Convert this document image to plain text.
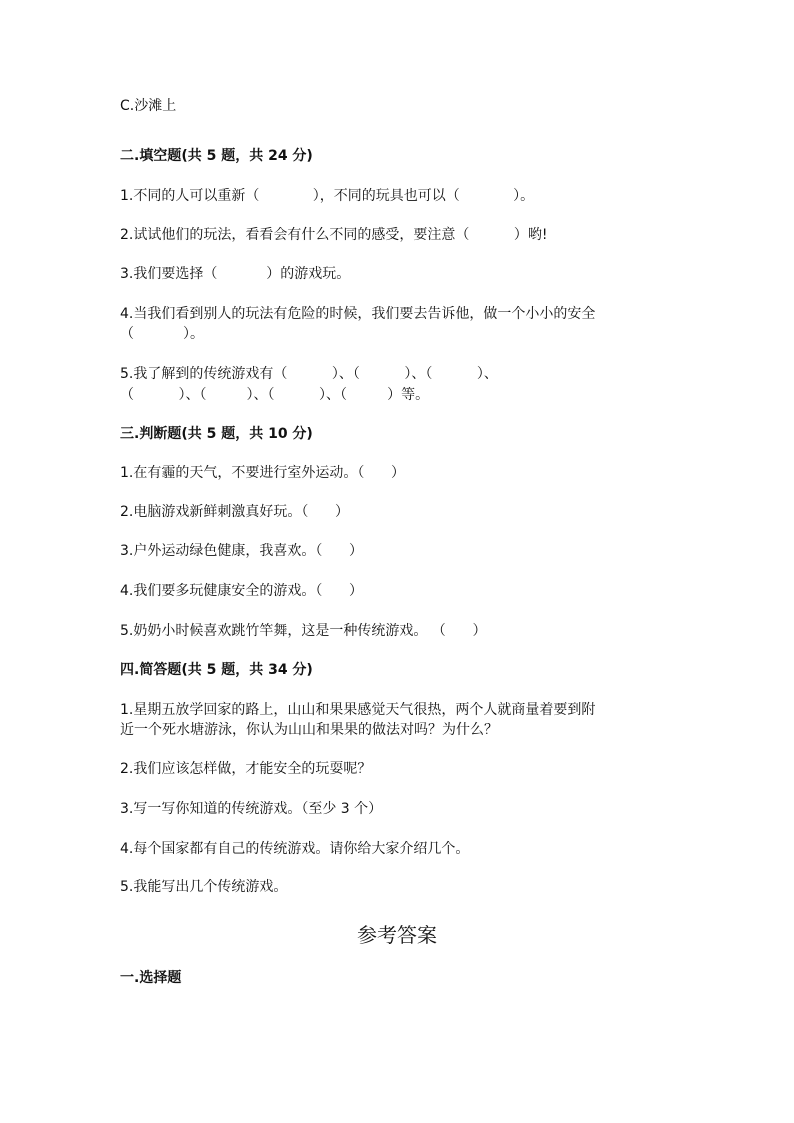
C.沙滩上
二.填空题(共 5 题，共 24 分)
1.不同的人可以重新（            ），不同的玩具也可以（            ）。
2.试试他们的玩法，看看会有什么不同的感受，要注意（          ）哟!
3.我们要选择（           ）的游戏玩。
4.当我们看到别人的玩法有危险的时候，我们要去告诉他，做一个小小的安全
（           ）。
5.我了解到的传统游戏有（          ）、（          ）、（          ）、
（          ）、（         ）、（          ）、（         ）等。
三.判断题(共 5 题，共 10 分)
1.在有霾的天气，不要进行室外运动。（      ）
2.电脑游戏新鲜刺激真好玩。（      ）
3.户外运动绿色健康，我喜欢。（      ）
4.我们要多玩健康安全的游戏。（      ）
5.奶奶小时候喜欢跳竹竿舞，这是一种传统游戏。 （      ）
四.简答题(共 5 题，共 34 分)
1.星期五放学回家的路上，山山和果果感觉天气很热，两个人就商量着要到附
近一个死水塘游泳，你认为山山和果果的做法对吗？为什么？
2.我们应该怎样做，才能安全的玩耍呢？
3.写一写你知道的传统游戏。（至少 3 个）
4.每个国家都有自己的传统游戏。请你给大家介绍几个。
5.我能写出几个传统游戏。
参考答案
一.选择题
